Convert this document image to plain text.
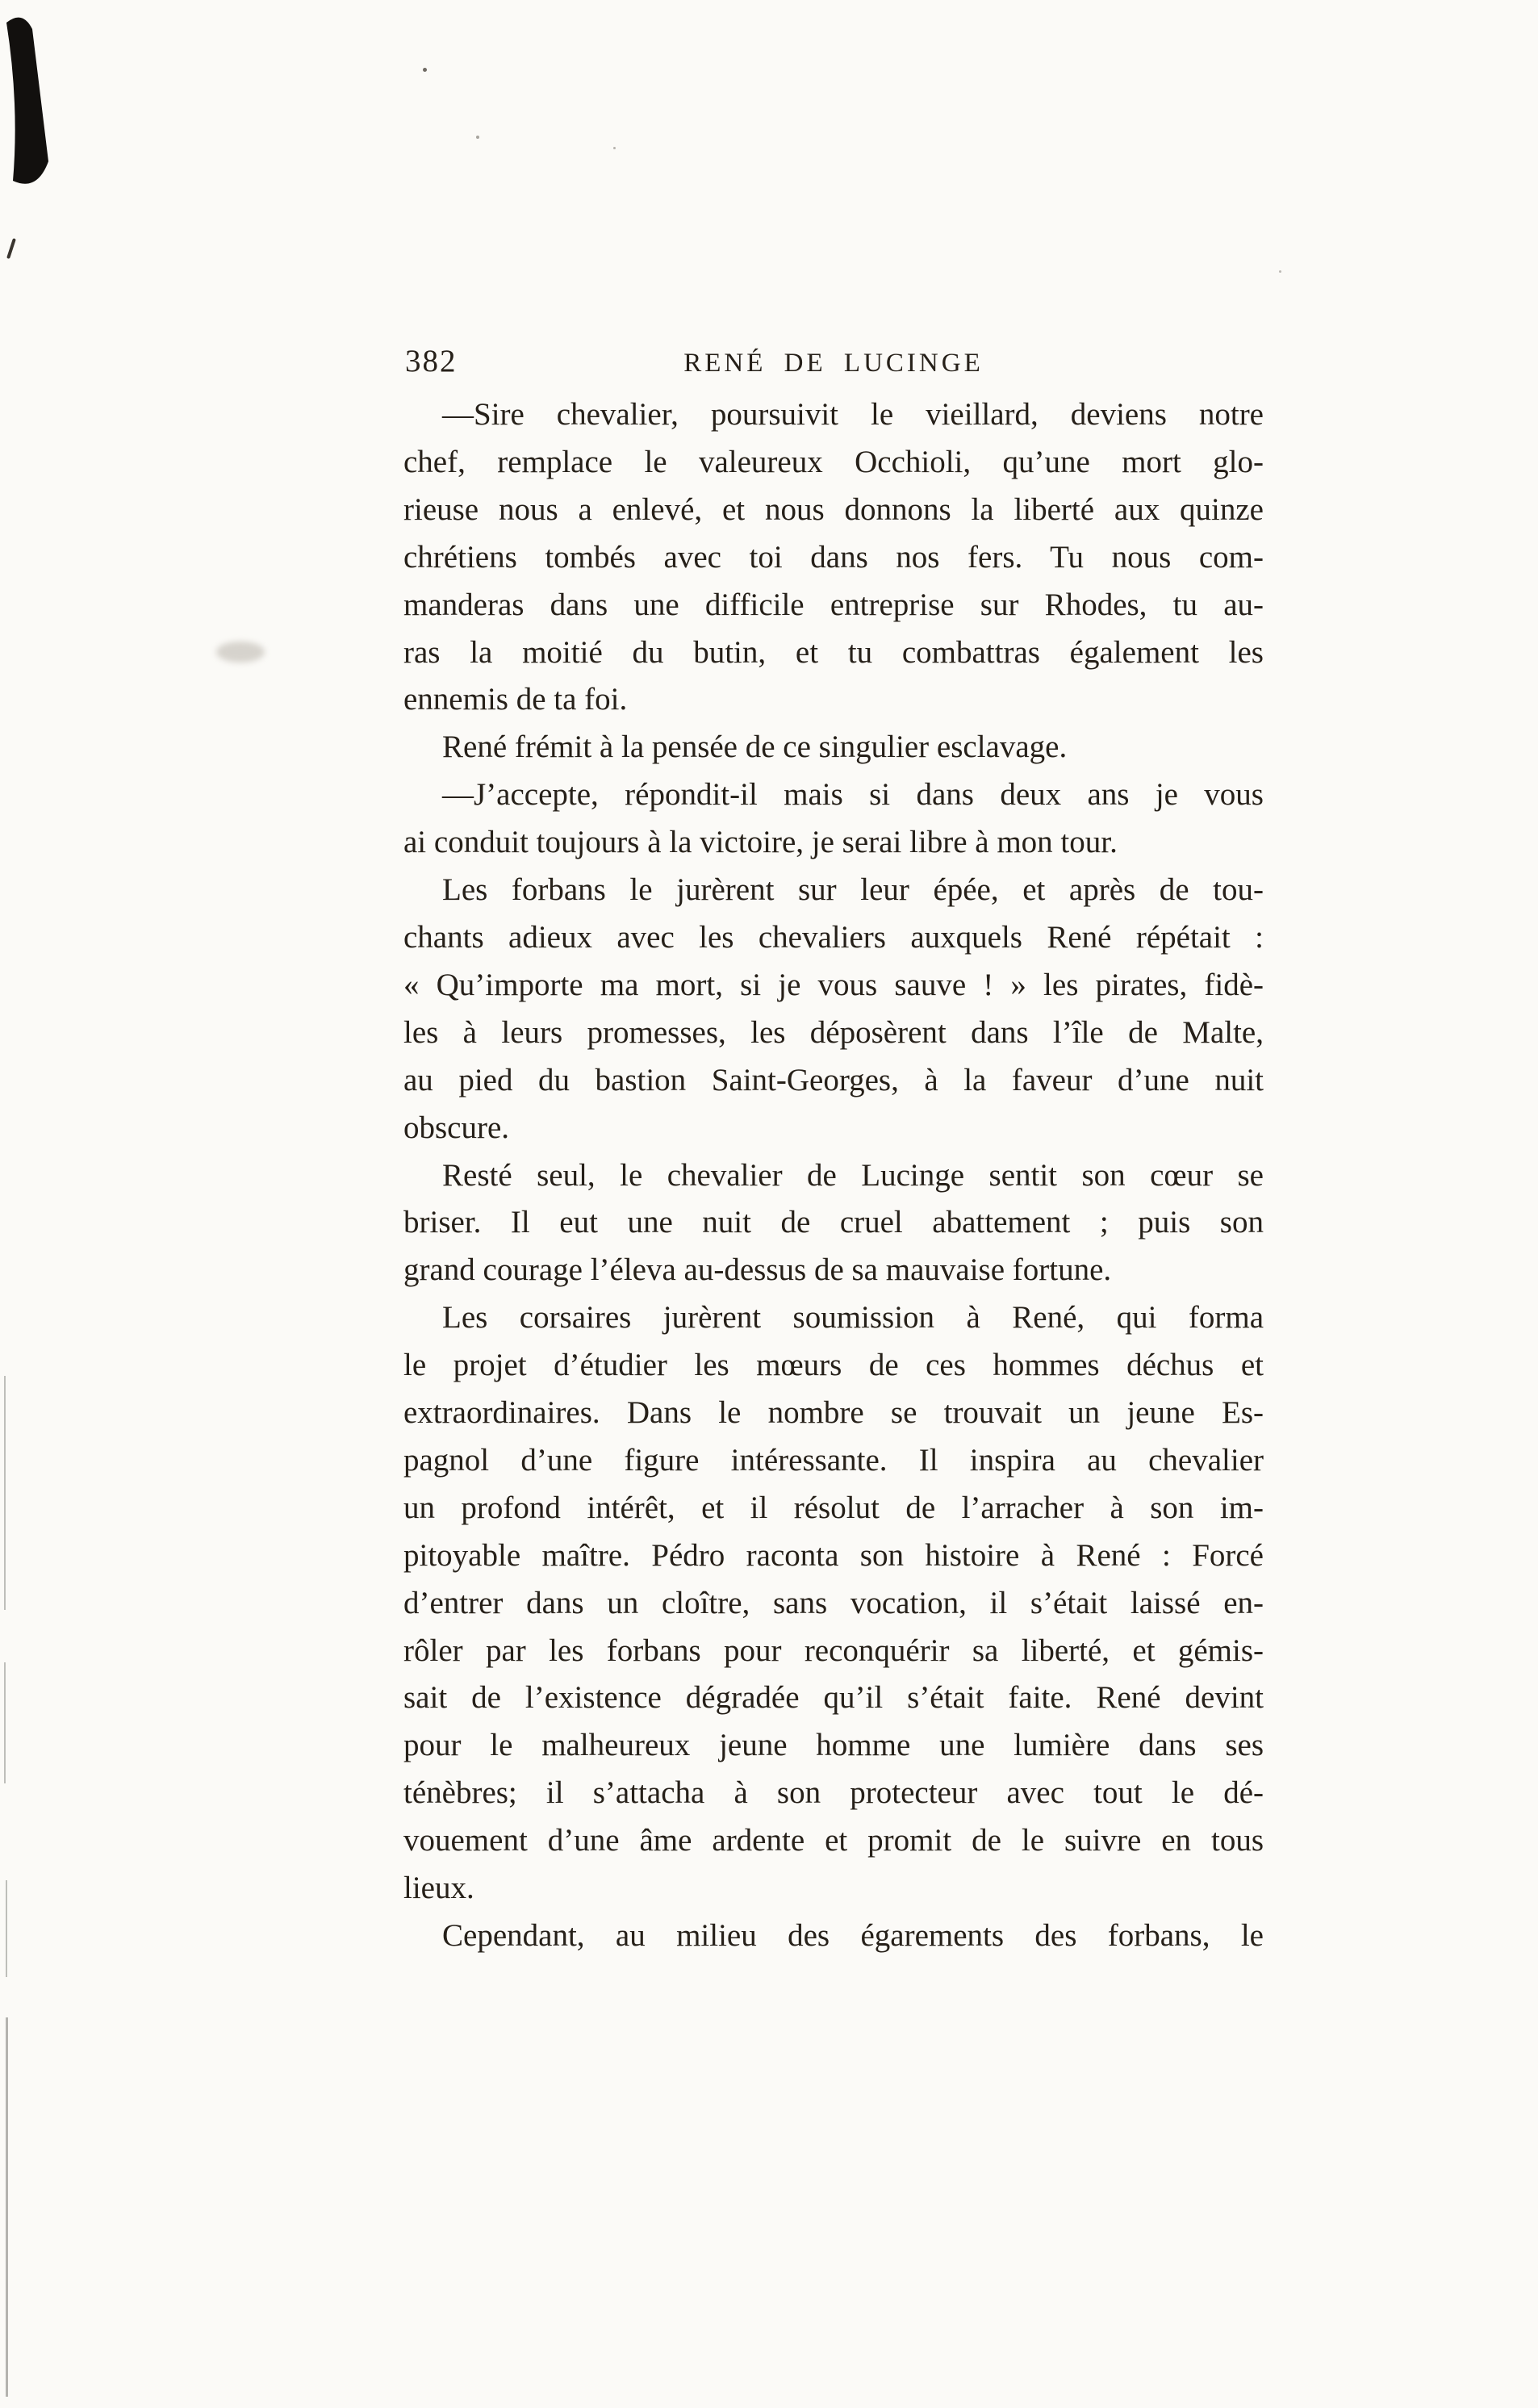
382	RENÉ DE LUCINGE
—Sire chevalier, poursuivit le vieillard, deviens notre
chef, remplace le valeureux Occhioli, qu’une mort glo-
rieuse nous a enlevé, et nous donnons la liberté aux quinze
chrétiens tombés avec toi dans nos fers. Tu nous com-
manderas dans une difficile entreprise sur Rhodes, tu au-
ras la moitié du butin, et tu combattras également les
ennemis de ta foi.
René frémit à la pensée de ce singulier esclavage.
—J’accepte, répondit-il mais si dans deux ans je vous
ai conduit toujours à la victoire, je serai libre à mon tour.
Les forbans le jurèrent sur leur épée, et après de tou-
chants adieux avec les chevaliers auxquels René répétait :
« Qu’importe ma mort, si je vous sauve ! » les pirates, fidè-
les à leurs promesses, les déposèrent dans l’île de Malte,
au pied du bastion Saint-Georges, à la faveur d’une nuit
obscure.
Resté seul, le chevalier de Lucinge sentit son cœur se
briser. Il eut une nuit de cruel abattement ; puis son
grand courage l’éleva au-dessus de sa mauvaise fortune.
Les corsaires jurèrent soumission à René, qui forma
le projet d’étudier les mœurs de ces hommes déchus et
extraordinaires. Dans le nombre se trouvait un jeune Es-
pagnol d’une figure intéressante. Il inspira au chevalier
un profond intérêt, et il résolut de l’arracher à son im-
pitoyable maître. Pédro raconta son histoire à René : Forcé
d’entrer dans un cloître, sans vocation, il s’était laissé en-
rôler par les forbans pour reconquérir sa liberté, et gémis-
sait de l’existence dégradée qu’il s’était faite. René devint
pour le malheureux jeune homme une lumière dans ses
ténèbres; il s’attacha à son protecteur avec tout le dé-
vouement d’une âme ardente et promit de le suivre en tous
lieux.
Cependant, au milieu des égarements des forbans, le
